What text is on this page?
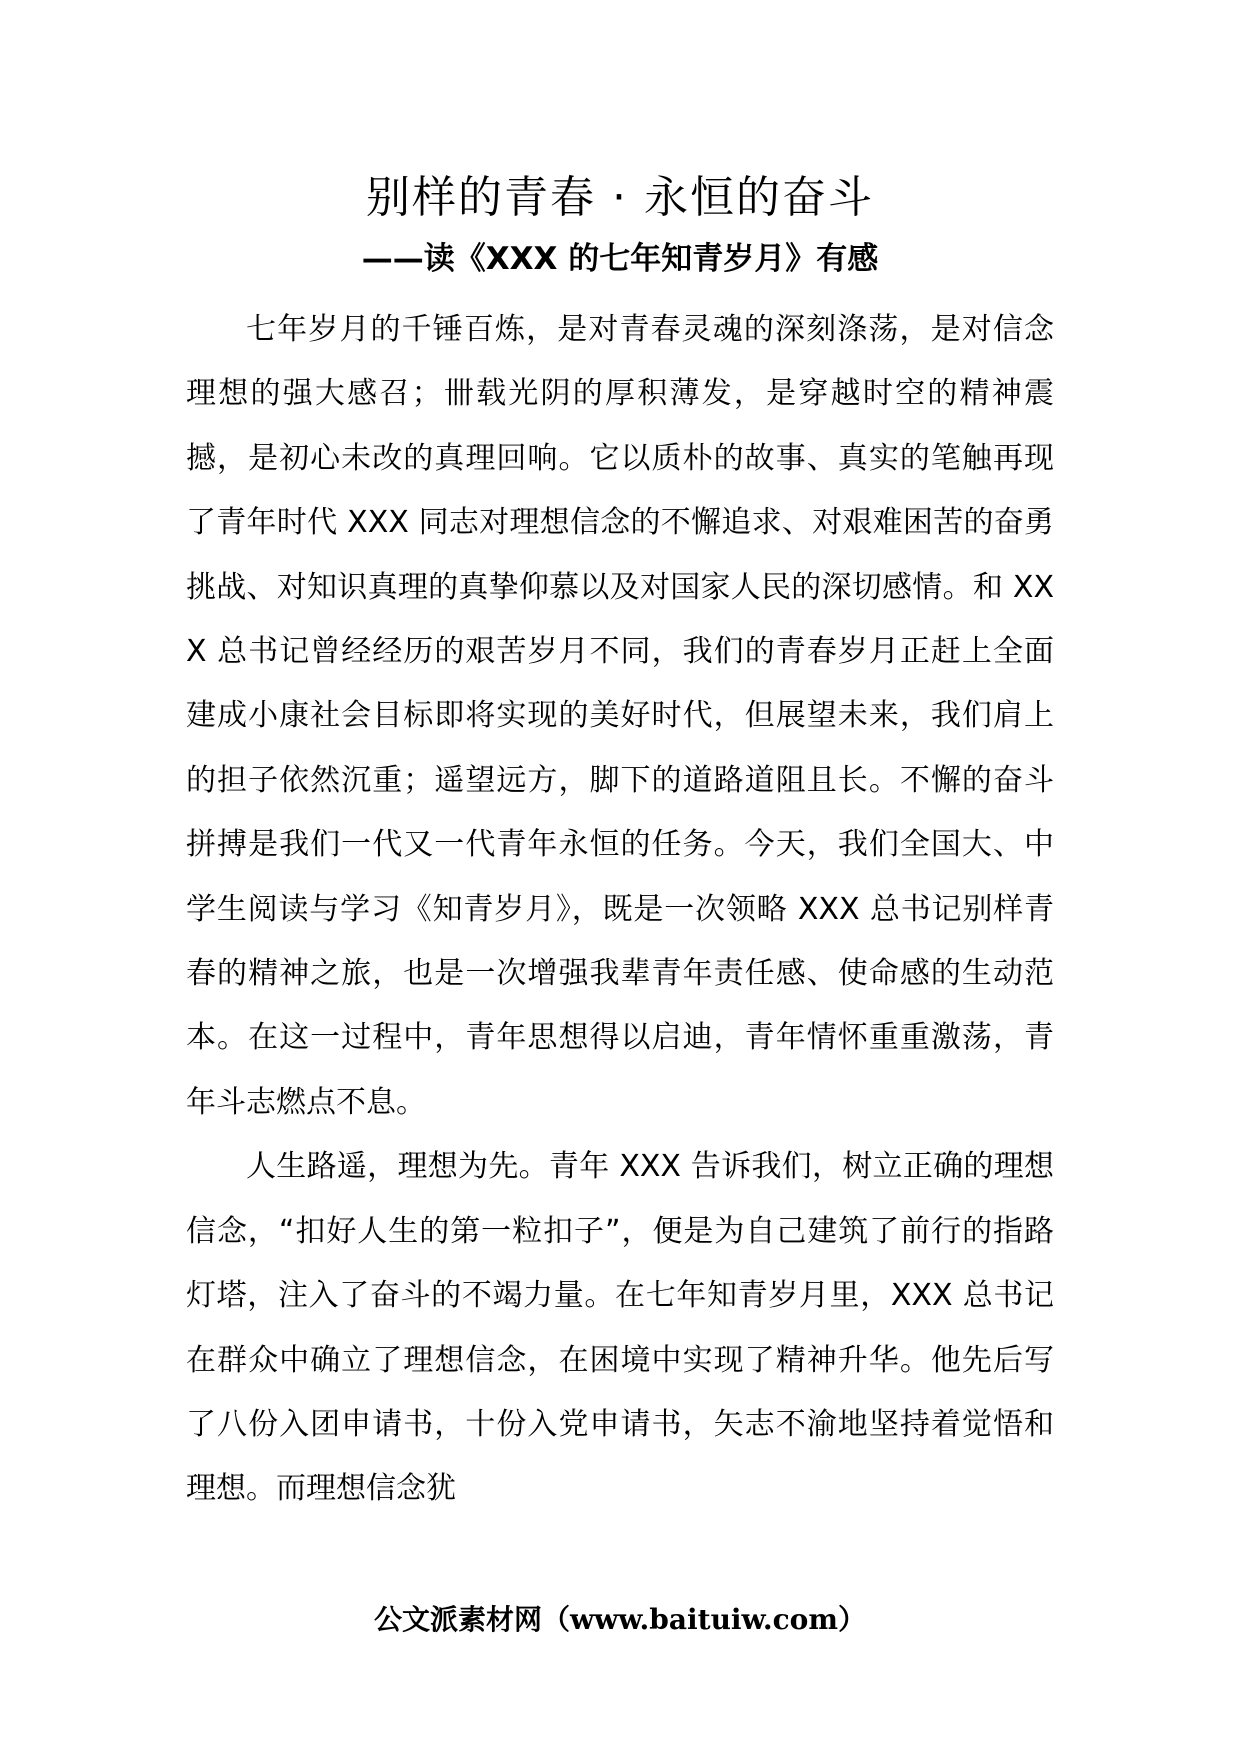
别样的青春 · 永恒的奋斗
——读《XXX 的七年知青岁月》有感

七年岁月的千锤百炼，是对青春灵魂的深刻涤荡，是对信念理想的强大感召；卌载光阴的厚积薄发，是穿越时空的精神震撼，是初心未改的真理回响。它以质朴的故事、真实的笔触再现了青年时代 XXX 同志对理想信念的不懈追求、对艰难困苦的奋勇挑战、对知识真理的真挚仰慕以及对国家人民的深切感情。和 XXX 总书记曾经经历的艰苦岁月不同，我们的青春岁月正赶上全面建成小康社会目标即将实现的美好时代，但展望未来，我们肩上的担子依然沉重；遥望远方，脚下的道路道阻且长。不懈的奋斗拼搏是我们一代又一代青年永恒的任务。今天，我们全国大、中学生阅读与学习《知青岁月》，既是一次领略 XXX 总书记别样青春的精神之旅，也是一次增强我辈青年责任感、使命感的生动范本。在这一过程中，青年思想得以启迪，青年情怀重重激荡，青年斗志燃点不息。

人生路遥，理想为先。青年 XXX 告诉我们，树立正确的理想信念，“扣好人生的第一粒扣子”，便是为自己建筑了前行的指路灯塔，注入了奋斗的不竭力量。在七年知青岁月里，XXX 总书记在群众中确立了理想信念，在困境中实现了精神升华。他先后写了八份入团申请书，十份入党申请书，矢志不渝地坚持着觉悟和理想。而理想信念犹

公文派素材网（www.baituiw.com）
